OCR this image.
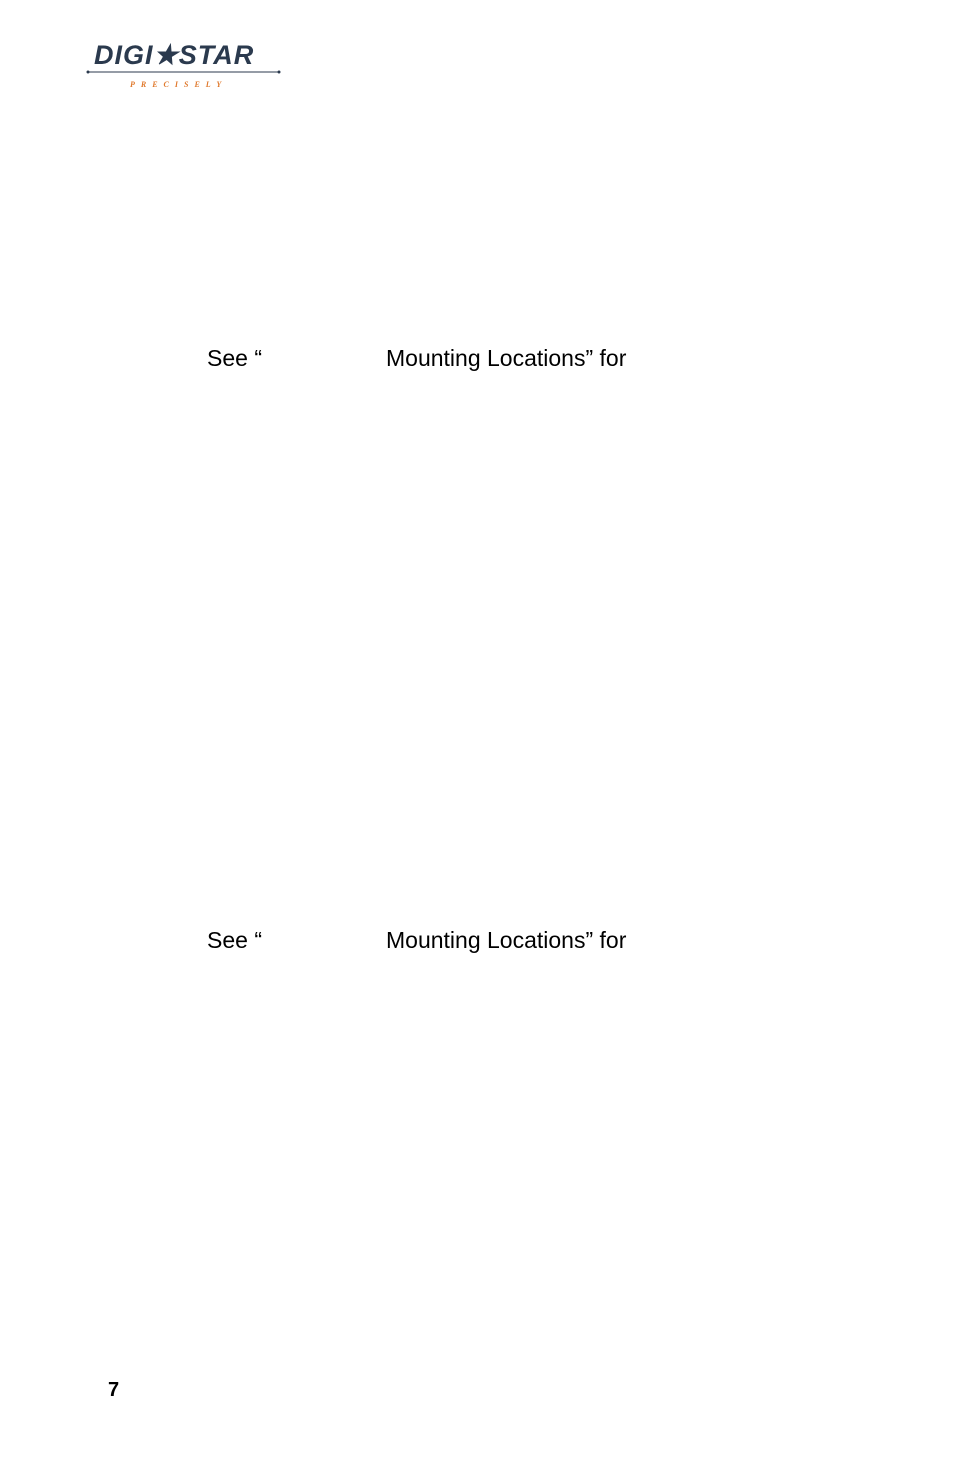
DIGI★STAR
PRECISELY

See “

	Mounting Locations” for

See “

	Mounting Locations” for

7
